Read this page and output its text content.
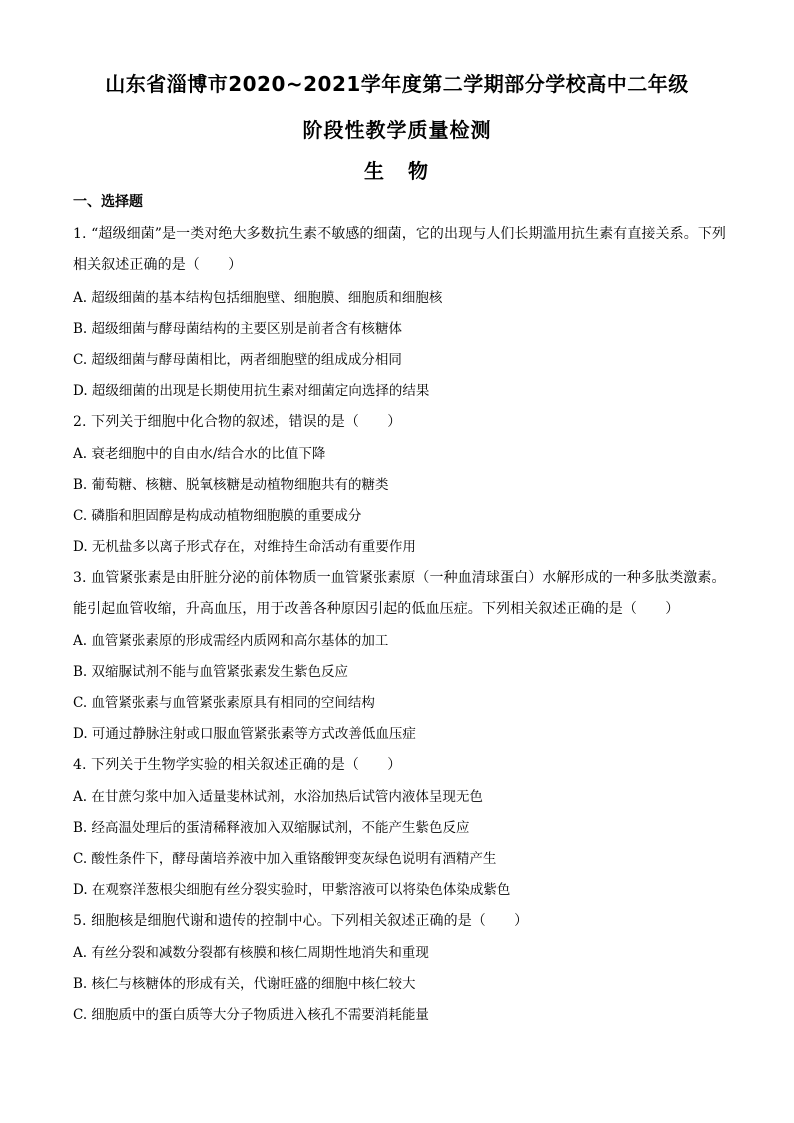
山东省淄博市2020~2021学年度第二学期部分学校高中二年级
阶段性教学质量检测
生　物
一、选择题
1. “超级细菌”是一类对绝大多数抗生素不敏感的细菌，它的出现与人们长期滥用抗生素有直接关系。下列
相关叙述正确的是（　　）
A. 超级细菌的基本结构包括细胞壁、细胞膜、细胞质和细胞核
B. 超级细菌与酵母菌结构的主要区别是前者含有核糖体
C. 超级细菌与酵母菌相比，两者细胞壁的组成成分相同
D. 超级细菌的出现是长期使用抗生素对细菌定向选择的结果
2. 下列关于细胞中化合物的叙述，错误的是（　　）
A. 衰老细胞中的自由水/结合水的比值下降
B. 葡萄糖、核糖、脱氧核糖是动植物细胞共有的糖类
C. 磷脂和胆固醇是构成动植物细胞膜的重要成分
D. 无机盐多以离子形式存在，对维持生命活动有重要作用
3. 血管紧张素是由肝脏分泌的前体物质一血管紧张素原（一种血清球蛋白）水解形成的一种多肽类激素。
能引起血管收缩，升高血压，用于改善各种原因引起的低血压症。下列相关叙述正确的是（　　）
A. 血管紧张素原的形成需经内质网和高尔基体的加工
B. 双缩脲试剂不能与血管紧张素发生紫色反应
C. 血管紧张素与血管紧张素原具有相同的空间结构
D. 可通过静脉注射或口服血管紧张素等方式改善低血压症
4. 下列关于生物学实验的相关叙述正确的是（　　）
A. 在甘蔗匀浆中加入适量斐林试剂，水浴加热后试管内液体呈现无色
B. 经高温处理后的蛋清稀释液加入双缩脲试剂，不能产生紫色反应
C. 酸性条件下，酵母菌培养液中加入重铬酸钾变灰绿色说明有酒精产生
D. 在观察洋葱根尖细胞有丝分裂实验时，甲紫溶液可以将染色体染成紫色
5. 细胞核是细胞代谢和遗传的控制中心。下列相关叙述正确的是（　　）
A. 有丝分裂和减数分裂都有核膜和核仁周期性地消失和重现
B. 核仁与核糖体的形成有关，代谢旺盛的细胞中核仁较大
C. 细胞质中的蛋白质等大分子物质进入核孔不需要消耗能量
